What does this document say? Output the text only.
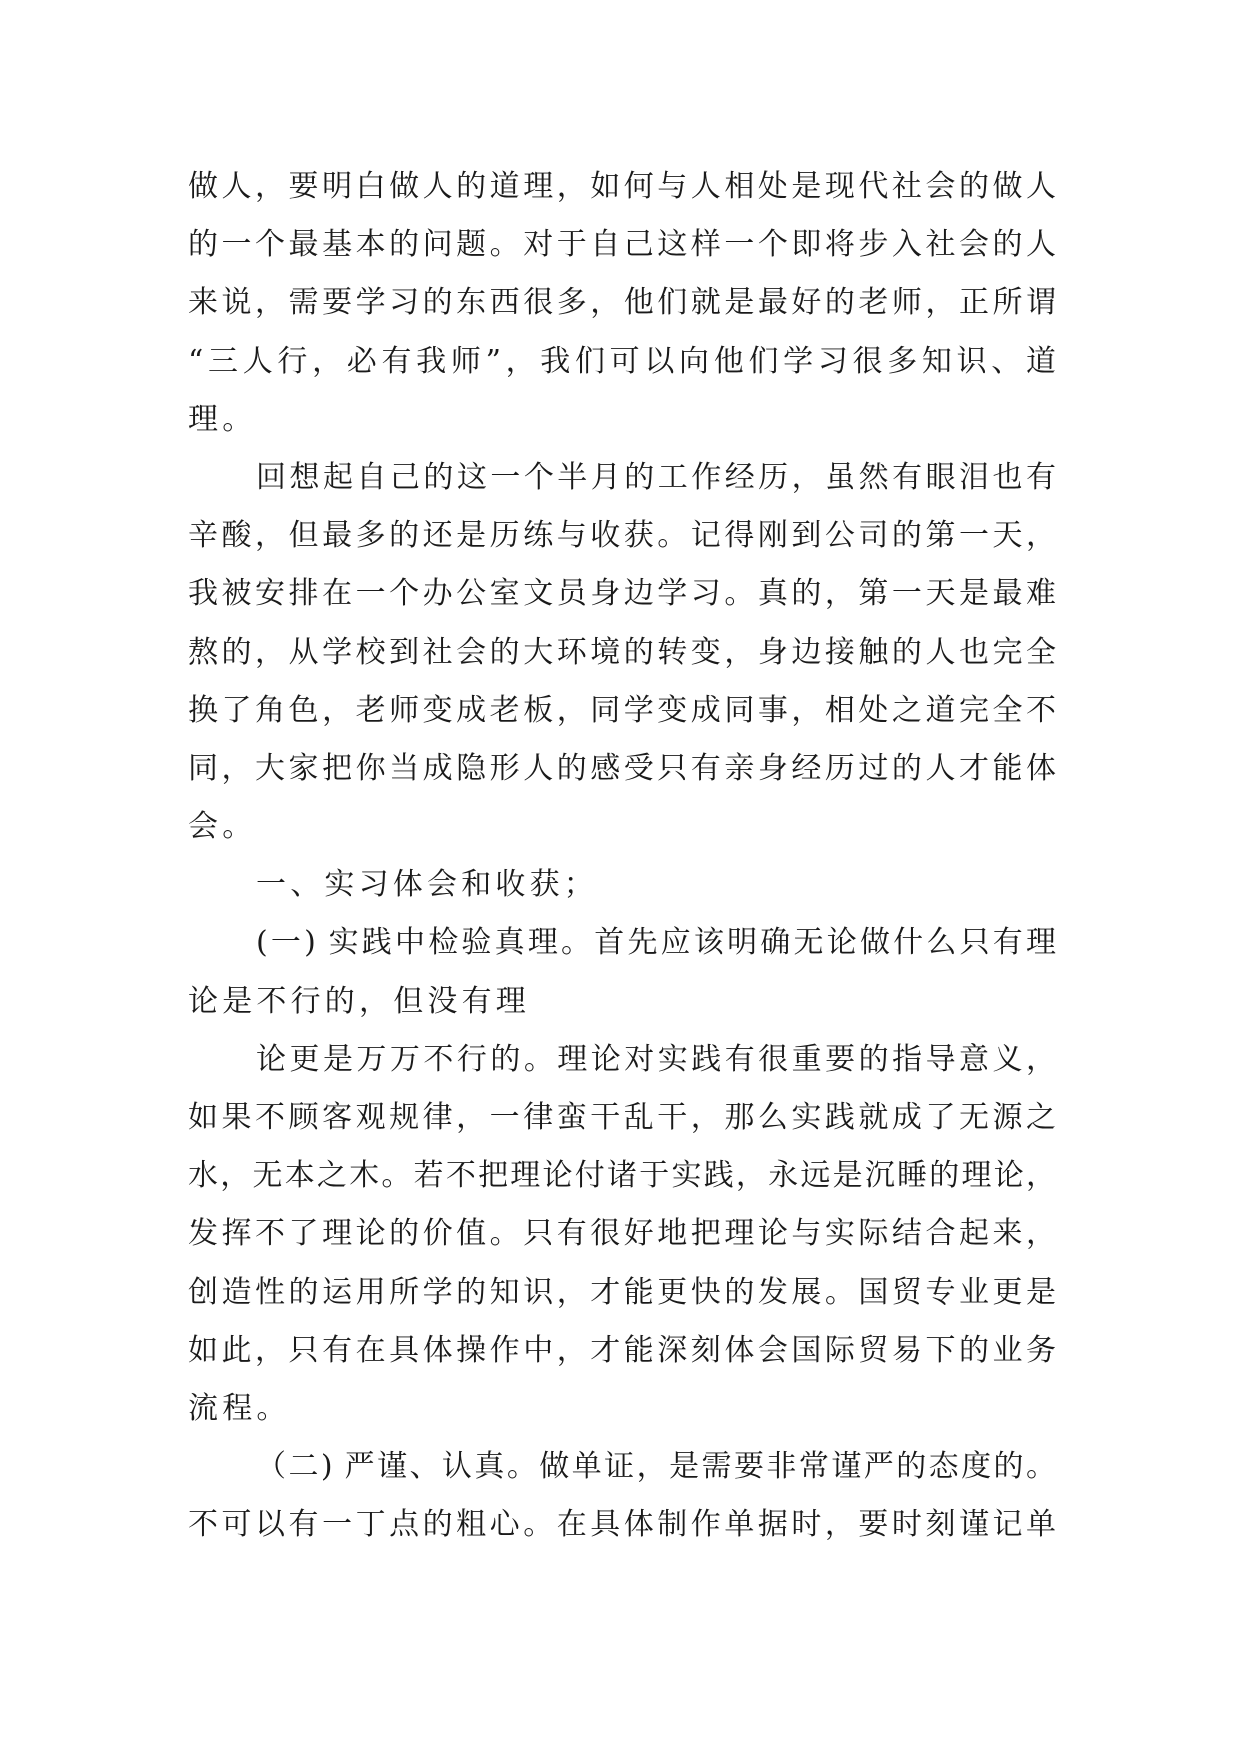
做人，要明白做人的道理，如何与人相处是现代社会的做人
的一个最基本的问题。对于自己这样一个即将步入社会的人
来说，需要学习的东西很多，他们就是最好的老师，正所谓
“三人行，必有我师”，我们可以向他们学习很多知识、道
理。
回想起自己的这一个半月的工作经历，虽然有眼泪也有
辛酸，但最多的还是历练与收获。记得刚到公司的第一天，
我被安排在一个办公室文员身边学习。真的，第一天是最难
熬的，从学校到社会的大环境的转变，身边接触的人也完全
换了角色，老师变成老板，同学变成同事，相处之道完全不
同，大家把你当成隐形人的感受只有亲身经历过的人才能体
会。
一、实习体会和收获；
(一) 实践中检验真理。首先应该明确无论做什么只有理
论是不行的，但没有理
论更是万万不行的。理论对实践有很重要的指导意义，
如果不顾客观规律，一律蛮干乱干，那么实践就成了无源之
水，无本之木。若不把理论付诸于实践，永远是沉睡的理论，
发挥不了理论的价值。只有很好地把理论与实际结合起来，
创造性的运用所学的知识，才能更快的发展。国贸专业更是
如此，只有在具体操作中，才能深刻体会国际贸易下的业务
流程。
（二) 严谨、认真。做单证，是需要非常谨严的态度的。
不可以有一丁点的粗心。在具体制作单据时，要时刻谨记单
